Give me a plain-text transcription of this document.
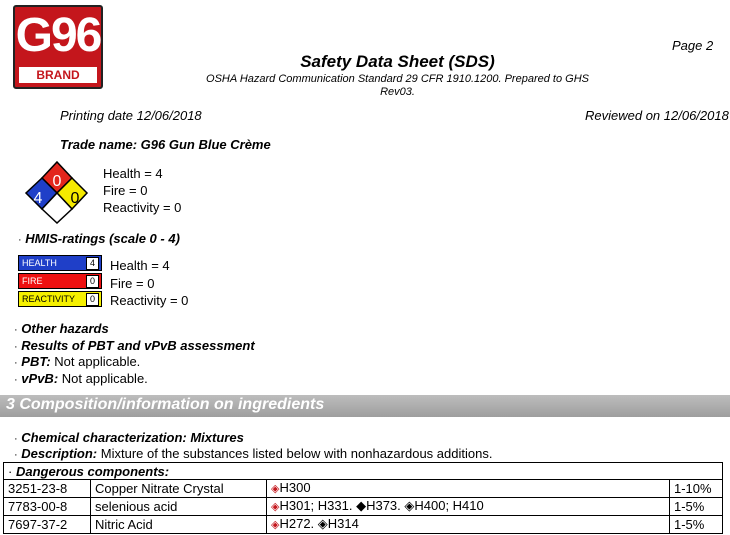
G96
BRAND
Page 2
Safety Data Sheet (SDS)
OSHA Hazard Communication Standard 29 CFR 1910.1200. Prepared to GHS
Rev03.
Printing date 12/06/2018	Reviewed on 12/06/2018
Trade name: G96 Gun Blue Crème
0
4 0
Health = 4
Fire = 0
Reactivity = 0
· HMIS-ratings (scale 0 - 4)
HEALTH	4
FIRE	0
REACTIVITY	0
Health = 4
Fire = 0
Reactivity = 0
· Other hazards
· Results of PBT and vPvB assessment
· PBT: Not applicable.
· vPvB: Not applicable.
3 Composition/information on ingredients
· Chemical characterization: Mixtures
· Description: Mixture of the substances listed below with nonhazardous additions.
· Dangerous components:			
3251-23-8	Copper Nitrate Crystal	◈H300	1-10%
7783-00-8	selenious acid	◈H301; H331. ◆H373. ◈H400; H410	1-5%
7697-37-2	Nitric Acid	◈H272. ◈H314	1-5%
